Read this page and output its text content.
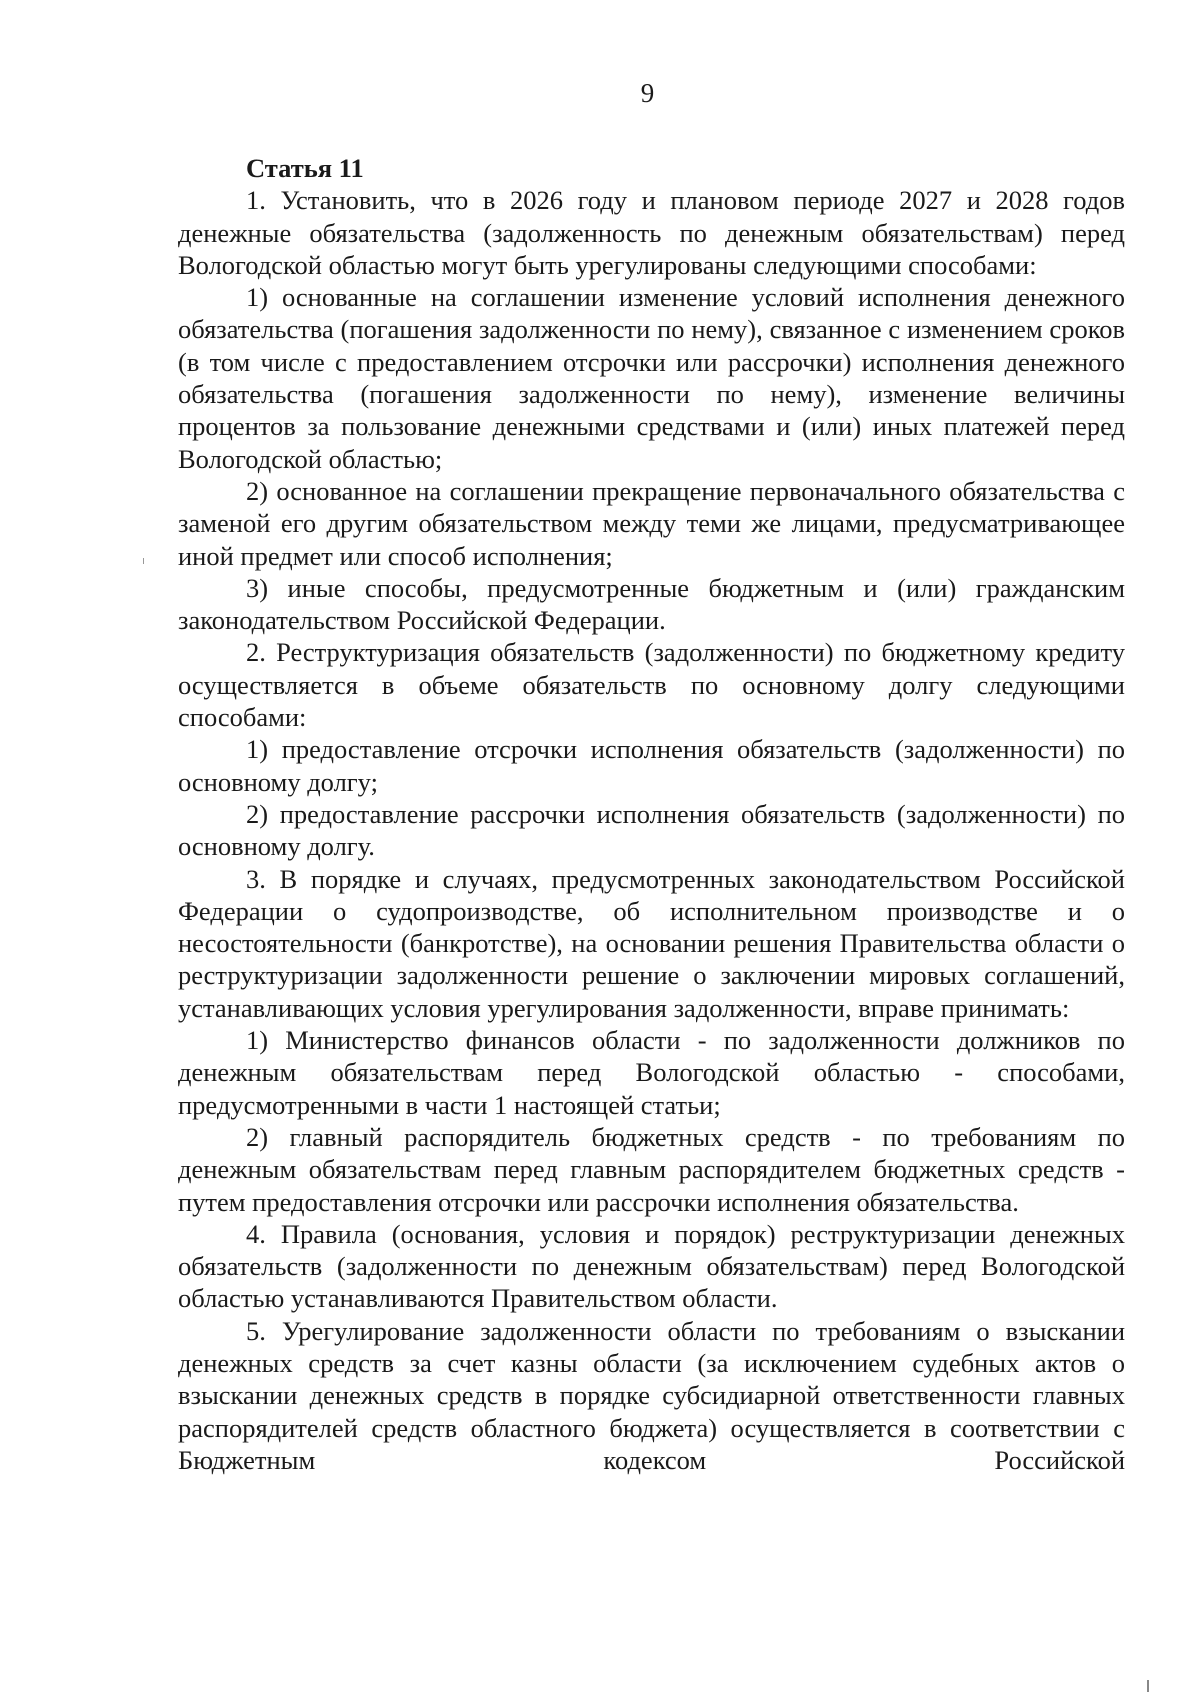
9

Статья 11

1. Установить, что в 2026 году и плановом периоде 2027 и 2028 годов денежные обязательства (задолженность по денежным обязательствам) перед Вологодской областью могут быть урегулированы следующими способами:

1) основанные на соглашении изменение условий исполнения денежного обязательства (погашения задолженности по нему), связанное с изменением сроков (в том числе с предоставлением отсрочки или рассрочки) исполнения денежного обязательства (погашения задолженности по нему), изменение величины процентов за пользование денежными средствами и (или) иных платежей перед Вологодской областью;

2) основанное на соглашении прекращение первоначального обязательства с заменой его другим обязательством между теми же лицами, предусматривающее иной предмет или способ исполнения;

3) иные способы, предусмотренные бюджетным и (или) гражданским законодательством Российской Федерации.

2. Реструктуризация обязательств (задолженности) по бюджетному кредиту осуществляется в объеме обязательств по основному долгу следующими способами:

1) предоставление отсрочки исполнения обязательств (задолженности) по основному долгу;

2) предоставление рассрочки исполнения обязательств (задолженности) по основному долгу.

3. В порядке и случаях, предусмотренных законодательством Российской Федерации о судопроизводстве, об исполнительном производстве и о несостоятельности (банкротстве), на основании решения Правительства области о реструктуризации задолженности решение о заключении мировых соглашений, устанавливающих условия урегулирования задолженности, вправе принимать:

1) Министерство финансов области - по задолженности должников по денежным обязательствам перед Вологодской областью - способами, предусмотренными в части 1 настоящей статьи;

2) главный распорядитель бюджетных средств - по требованиям по денежным обязательствам перед главным распорядителем бюджетных средств - путем предоставления отсрочки или рассрочки исполнения обязательства.

4. Правила (основания, условия и порядок) реструктуризации денежных обязательств (задолженности по денежным обязательствам) перед Вологодской областью устанавливаются Правительством области.

5. Урегулирование задолженности области по требованиям о взыскании денежных средств за счет казны области (за исключением судебных актов о взыскании денежных средств в порядке субсидиарной ответственности главных распорядителей средств областного бюджета) осуществляется в соответствии с Бюджетным кодексом Российской
